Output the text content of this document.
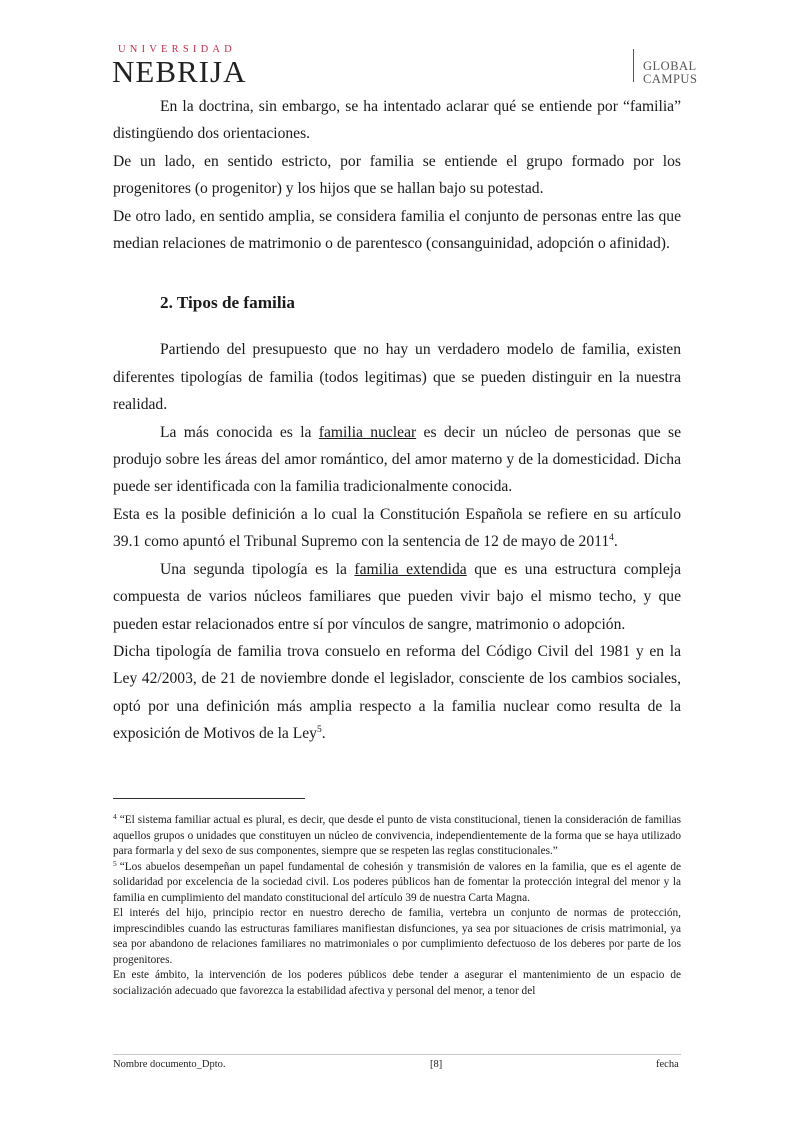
UNIVERSIDAD
NEBRIJA	GLOBAL
CAMPUS

En la doctrina, sin embargo, se ha intentado aclarar qué se entiende por “familia” distingüendo dos orientaciones.

De un lado, en sentido estricto, por familia se entiende el grupo formado por los progenitores (o progenitor) y los hijos que se hallan bajo su potestad.

De otro lado, en sentido amplia, se considera familia el conjunto de personas entre las que median relaciones de matrimonio o de parentesco (consanguinidad, adopción o afinidad).

2. Tipos de familia

Partiendo del presupuesto que no hay un verdadero modelo de familia, existen diferentes tipologías de familia (todos legitimas) que se pueden distinguir en la nuestra realidad.

La más conocida es la familia nuclear es decir un núcleo de personas que se produjo sobre les áreas del amor romántico, del amor materno y de la domesticidad. Dicha puede ser identificada con la familia tradicionalmente conocida.

Esta es la posible definición a lo cual la Constitución Española se refiere en su artículo 39.1 como apuntó el Tribunal Supremo con la sentencia de 12 de mayo de 2011$^4$.

Una segunda tipología es la familia extendida que es una estructura compleja compuesta de varios núcleos familiares que pueden vivir bajo el mismo techo, y que pueden estar relacionados entre sí por vínculos de sangre, matrimonio o adopción.

Dicha tipología de familia trova consuelo en reforma del Código Civil del 1981 y en la Ley 42/2003, de 21 de noviembre donde el legislador, consciente de los cambios sociales, optó por una definición más amplia respecto a la familia nuclear como resulta de la exposición de Motivos de la Ley$^5$.

$^4$ “El sistema familiar actual es plural, es decir, que desde el punto de vista constitucional, tienen la consideración de familias aquellos grupos o unidades que constituyen un núcleo de convivencia, independientemente de la forma que se haya utilizado para formarla y del sexo de sus componentes, siempre que se respeten las reglas constitucionales.”

$^5$ “Los abuelos desempeñan un papel fundamental de cohesión y transmisión de valores en la familia, que es el agente de solidaridad por excelencia de la sociedad civil. Los poderes públicos han de fomentar la protección integral del menor y la familia en cumplimiento del mandato constitucional del artículo 39 de nuestra Carta Magna.

El interés del hijo, principio rector en nuestro derecho de familia, vertebra un conjunto de normas de protección, imprescindibles cuando las estructuras familiares manifiestan disfunciones, ya sea por situaciones de crisis matrimonial, ya sea por abandono de relaciones familiares no matrimoniales o por cumplimiento defectuoso de los deberes por parte de los progenitores.

En este ámbito, la intervención de los poderes públicos debe tender a asegurar el mantenimiento de un espacio de socialización adecuado que favorezca la estabilidad afectiva y personal del menor, a tenor del

Nombre documento_Dpto.	[8]	fecha
